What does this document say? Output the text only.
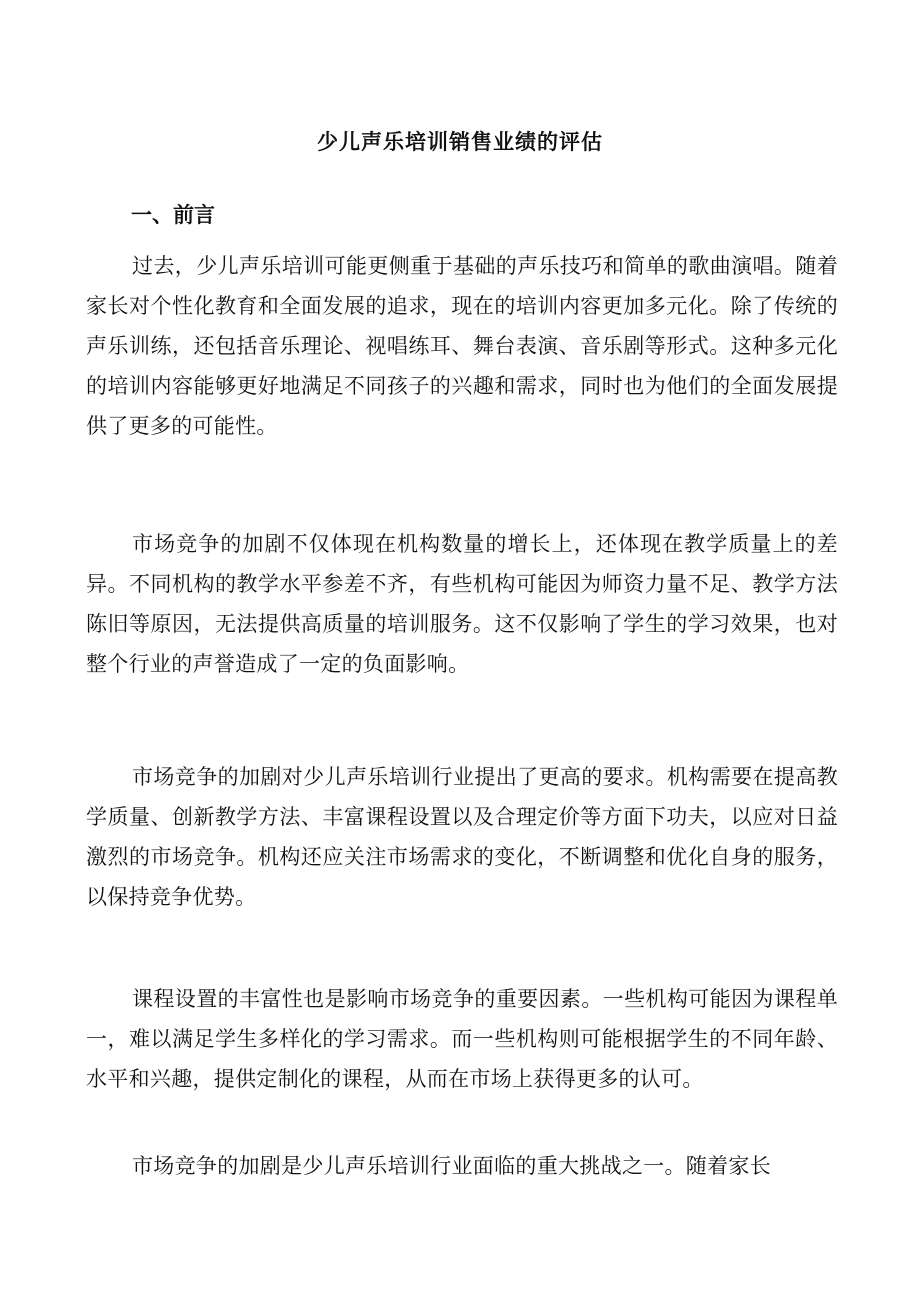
少儿声乐培训销售业绩的评估
一、前言

过去，少儿声乐培训可能更侧重于基础的声乐技巧和简单的歌曲演唱。随着家长对个性化教育和全面发展的追求，现在的培训内容更加多元化。除了传统的声乐训练，还包括音乐理论、视唱练耳、舞台表演、音乐剧等形式。这种多元化的培训内容能够更好地满足不同孩子的兴趣和需求，同时也为他们的全面发展提供了更多的可能性。

市场竞争的加剧不仅体现在机构数量的增长上，还体现在教学质量上的差异。不同机构的教学水平参差不齐，有些机构可能因为师资力量不足、教学方法陈旧等原因，无法提供高质量的培训服务。这不仅影响了学生的学习效果，也对整个行业的声誉造成了一定的负面影响。

市场竞争的加剧对少儿声乐培训行业提出了更高的要求。机构需要在提高教学质量、创新教学方法、丰富课程设置以及合理定价等方面下功夫，以应对日益激烈的市场竞争。机构还应关注市场需求的变化，不断调整和优化自身的服务，以保持竞争优势。

课程设置的丰富性也是影响市场竞争的重要因素。一些机构可能因为课程单一，难以满足学生多样化的学习需求。而一些机构则可能根据学生的不同年龄、水平和兴趣，提供定制化的课程，从而在市场上获得更多的认可。

市场竞争的加剧是少儿声乐培训行业面临的重大挑战之一。随着家长
